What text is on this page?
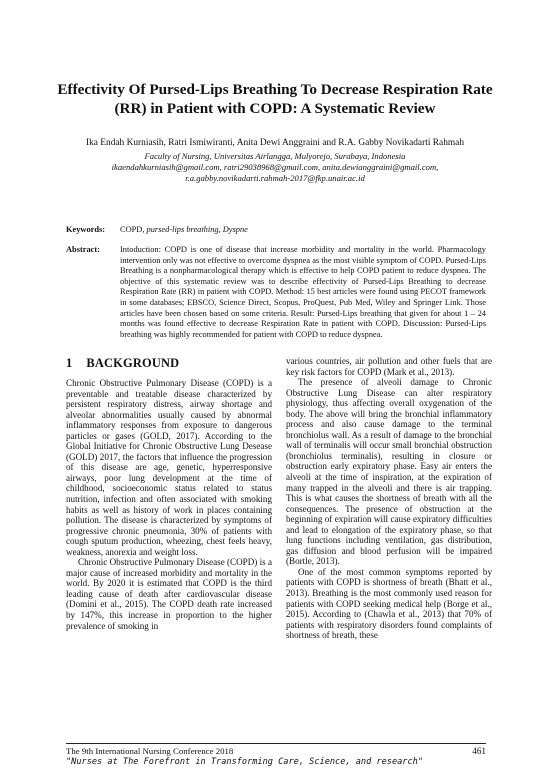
Effectivity Of Pursed-Lips Breathing To Decrease Respiration Rate
(RR) in Patient with COPD: A Systematic Review
Ika Endah Kurniasih, Ratri Ismiwiranti, Anita Dewi Anggraini and R.A. Gabby Novikadarti Rahmah
Faculty of Nursing, Universitas Airlangga, Mulyorejo, Surabaya, Indonesia
ikaendahkurniasih@gmail.com, ratri29038968@gmail.com, anita.dewianggraini@gmail.com,
r.a.gabby.novikadarti.rahmah-2017@fkp.unair.ac.id
Keywords: COPD, pursed-lips breathing, Dyspne
Abstract: Intoduction: COPD is one of disease that increase morbidity and mortality in the world. Pharmacology intervention only was not effective to overcome dyspnea as the most visible symptom of COPD. Pursed-Lips Breathing is a nonpharmacological therapy which is effective to help COPD patient to reduce dyspnea. The objective of this systematic review was to describe effectivity of Pursed-Lips Breathing to decrease Respiration Rate (RR) in patient with COPD. Method: 15 best articles were found using PECOT framework in some databases; EBSCO, Science Direct, Scopus, ProQuest, Pub Med, Wiley and Springer Link. Those articles have been chosen based on some criteria. Result: Pursed-Lips breathing that given for about 1 – 24 months was found effective to decrease Respiration Rate in patient with COPD. Discussion: Pursed-Lips breathing was highly recommended for patient with COPD to reduce dyspnea.
1 BACKGROUND

Chronic Obstructive Pulmonary Disease (COPD) is a preventable and treatable disease characterized by persistent respiratory distress, airway shortage and alveolar abnormalities usually caused by abnormal inflammatory responses from exposure to dangerous particles or gases (GOLD, 2017). According to the Global Initiative for Chronic Obstructive Lung Desease (GOLD) 2017, the factors that influence the progression of this disease are age, genetic, hyperresponsive airways, poor lung development at the time of childhood, socioeconomic status related to status nutrition, infection and often associated with smoking habits as well as history of work in places containing pollution. The disease is characterized by symptoms of progressive chronic pneumonia, 30% of patients with cough sputum production, wheezing, chest feels heavy, weakness, anorexia and weight loss.

Chronic Obstructive Pulmonary Disease (COPD) is a major cause of increased morbidity and mortality in the world. By 2020 it is estimated that COPD is the third leading cause of death after cardiovascular disease (Domini et al., 2015). The COPD death rate increased by 147%, this increase in proportion to the higher prevalence of smoking in

various countries, air pollution and other fuels that are key risk factors for COPD (Mark et al., 2013).

The presence of alveoli damage to Chronic Obstructive Lung Disease can alter respiratory physiology, thus affecting overall oxygenation of the body. The above will bring the bronchial inflammatory process and also cause damage to the terminal bronchiolus wall. As a result of damage to the bronchial wall of terminalis will occur small bronchial obstruction (bronchiolus terminalis), resulting in closure or obstruction early expiratory phase. Easy air enters the alveoli at the time of inspiration, at the expiration of many trapped in the alveoli and there is air trapping. This is what causes the shortness of breath with all the consequences. The presence of obstruction at the beginning of expiration will cause expiratory difficulties and lead to elongation of the expiratory phase, so that lung functions including ventilation, gas distribution, gas diffusion and blood perfusion will be impaired (Bortle, 2013).

One of the most common symptoms reported by patients with COPD is shortness of breath (Bhatt et al., 2013). Breathing is the most commonly used reason for patients with COPD seeking medical help (Borge et al., 2015). According to (Chawla et al., 2013) that 70% of patients with respiratory disorders found complaints of shortness of breath, these

The 9th International Nursing Conference 2018	461
"Nurses at The Forefront in Transforming Care, Science, and research"
